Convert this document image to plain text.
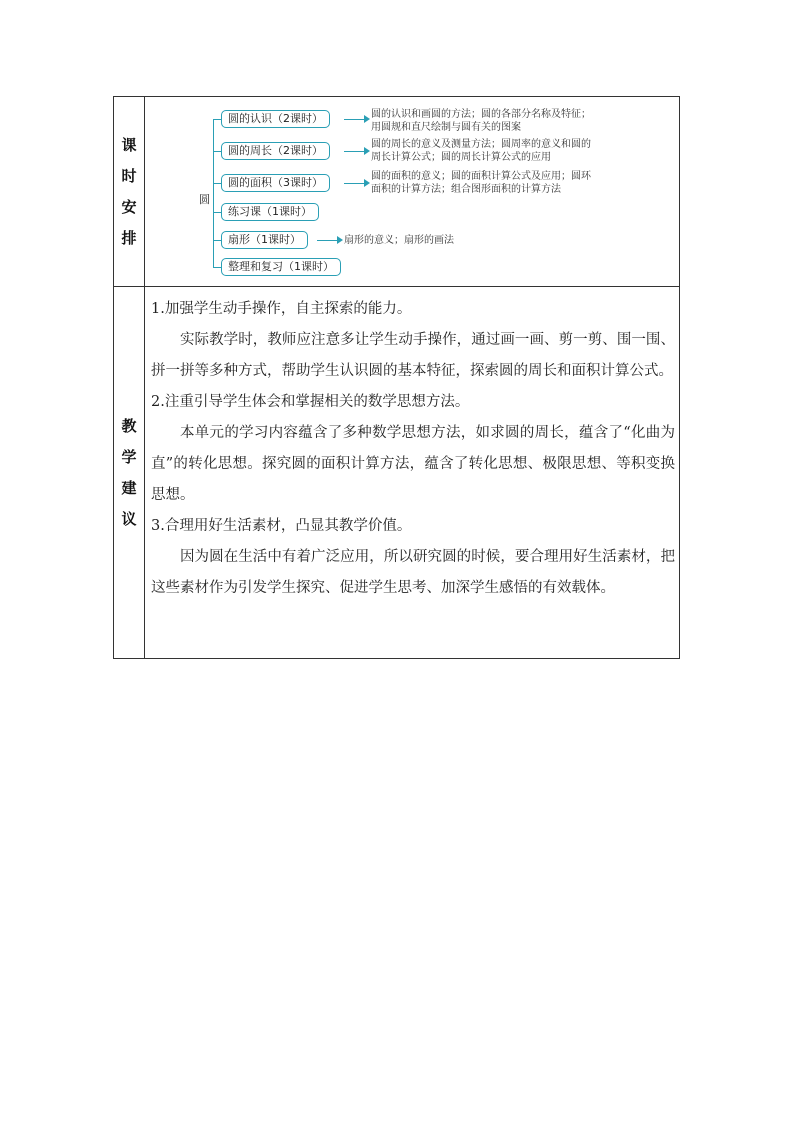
课
时
安
排
圆
圆的认识（2课时）	圆的认识和画圆的方法；圆的各部分名称及特征；
用圆规和直尺绘制与圆有关的图案
圆的周长（2课时）	圆的周长的意义及测量方法；圆周率的意义和圆的
周长计算公式；圆的周长计算公式的应用
圆的面积（3课时）	圆的面积的意义；圆的面积计算公式及应用；圆环
面积的计算方法；组合图形面积的计算方法
练习课（1课时）
扇形（1课时）	扇形的意义；扇形的画法
整理和复习（1课时）
教
学
建
议

1.加强学生动手操作，自主探索的能力。

实际教学时，教师应注意多让学生动手操作，通过画一画、剪一剪、围一围、拼一拼等多种方式，帮助学生认识圆的基本特征，探索圆的周长和面积计算公式。

2.注重引导学生体会和掌握相关的数学思想方法。

本单元的学习内容蕴含了多种数学思想方法，如求圆的周长，蕴含了“化曲为直”的转化思想。探究圆的面积计算方法，蕴含了转化思想、极限思想、等积变换思想。

3.合理用好生活素材，凸显其教学价值。

因为圆在生活中有着广泛应用，所以研究圆的时候，要合理用好生活素材，把这些素材作为引发学生探究、促进学生思考、加深学生感悟的有效载体。
